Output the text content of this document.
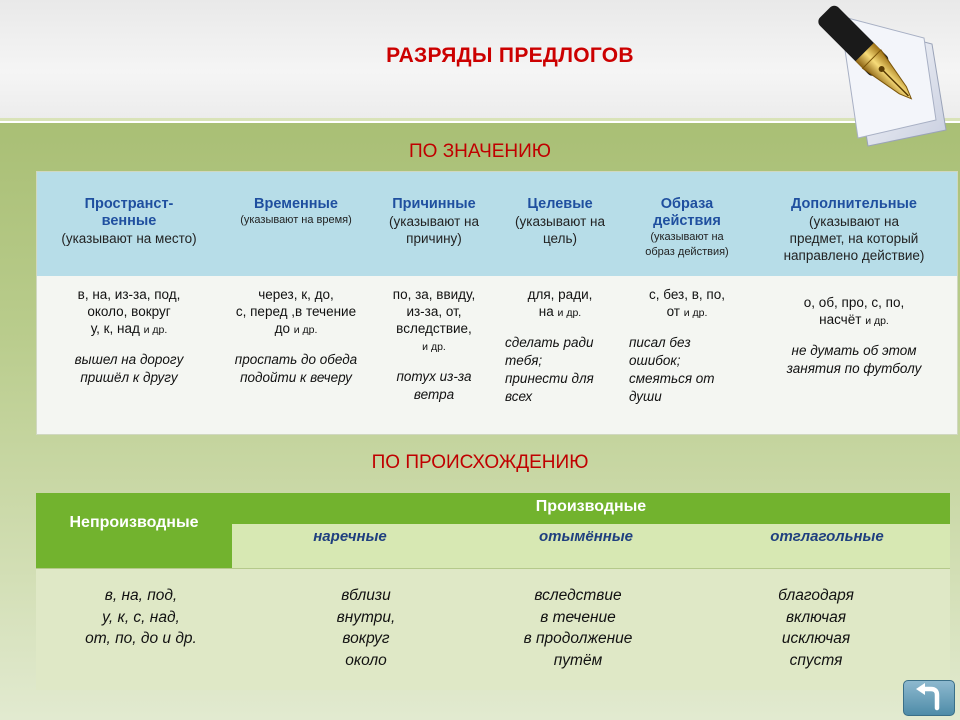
РАЗРЯДЫ ПРЕДЛОГОВ
ПО ЗНАЧЕНИЮ
Пространст-
венные
(указывают на место)
Временные
(указывают на время)
Причинные
(указывают на
причину)
Целевые
(указывают на
цель)
Образа
действия
(указывают на
образ действия)
Дополнительные
(указывают на
предмет, на который
направлено действие)
в, на, из-за, под,
около, вокруг
у, к, над и др.
вышел на дорогу
пришёл к другу
через, к, до,
с, перед ,в течение
до и др.
проспать до обеда
подойти к вечеру
по, за, ввиду,
из-за, от,
вследствие,
и др.
потух из-за
ветра
для, ради,
на и др.
сделать ради
тебя;
принести для
всех
с, без, в, по,
от и др.
писал без
ошибок;
смеяться от
души
о, об, про, с, по,
насчёт и др.
не думать об этом
занятия по футболу
ПО ПРОИСХОЖДЕНИЮ
Непроизводные
Производные
наречные	отымённые	отглагольные
в, на, под,
у, к, с, над,
от, по, до и др.
вблизи
внутри,
вокруг
около
вследствие
в течение
в продолжение
путём
благодаря
включая
исключая
спустя
